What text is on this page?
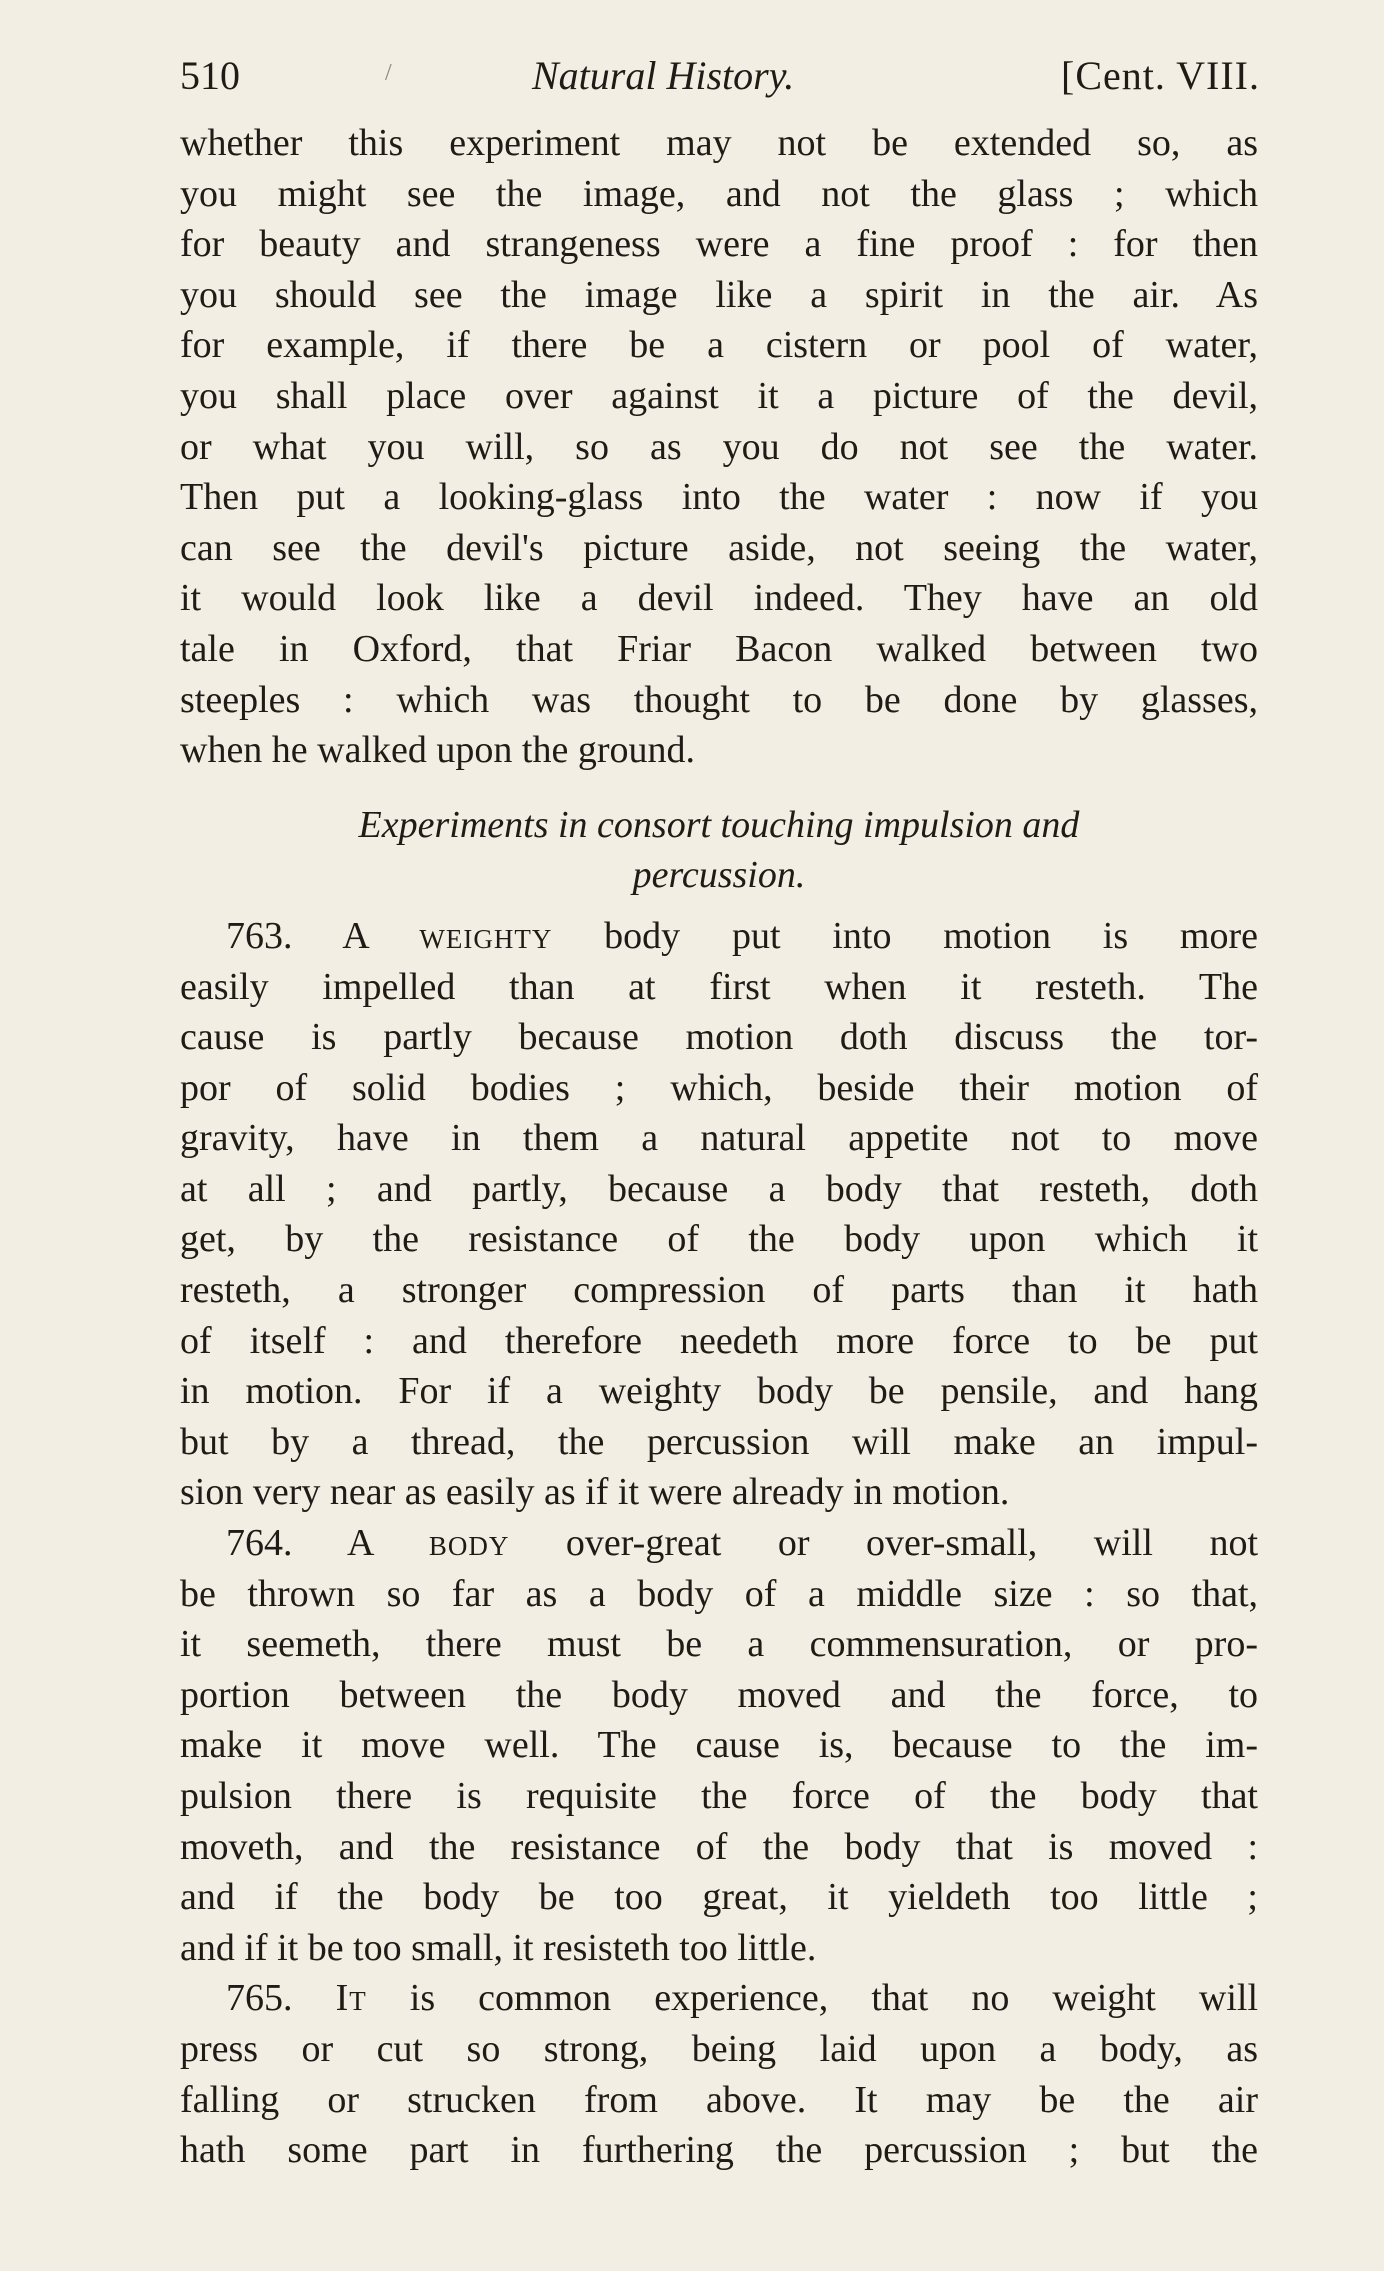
510	Natural History.	[Cent. VIII.
/
whether this experiment may not be extended so, as
you might see the image, and not the glass ; which
for beauty and strangeness were a fine proof : for then
you should see the image like a spirit in the air. As
for example, if there be a cistern or pool of water,
you shall place over against it a picture of the devil,
or what you will, so as you do not see the water.
Then put a looking-glass into the water : now if you
can see the devil's picture aside, not seeing the water,
it would look like a devil indeed. They have an old
tale in Oxford, that Friar Bacon walked between two
steeples : which was thought to be done by glasses,
when he walked upon the ground.
Experiments in consort touching impulsion and
percussion.
763. A weighty body put into motion is more
easily impelled than at first when it resteth. The
cause is partly because motion doth discuss the tor-
por of solid bodies ; which, beside their motion of
gravity, have in them a natural appetite not to move
at all ; and partly, because a body that resteth, doth
get, by the resistance of the body upon which it
resteth, a stronger compression of parts than it hath
of itself : and therefore needeth more force to be put
in motion. For if a weighty body be pensile, and hang
but by a thread, the percussion will make an impul-
sion very near as easily as if it were already in motion.
764. A body over-great or over-small, will not
be thrown so far as a body of a middle size : so that,
it seemeth, there must be a commensuration, or pro-
portion between the body moved and the force, to
make it move well. The cause is, because to the im-
pulsion there is requisite the force of the body that
moveth, and the resistance of the body that is moved :
and if the body be too great, it yieldeth too little ;
and if it be too small, it resisteth too little.
765. It is common experience, that no weight will
press or cut so strong, being laid upon a body, as
falling or strucken from above. It may be the air
hath some part in furthering the percussion ; but the
